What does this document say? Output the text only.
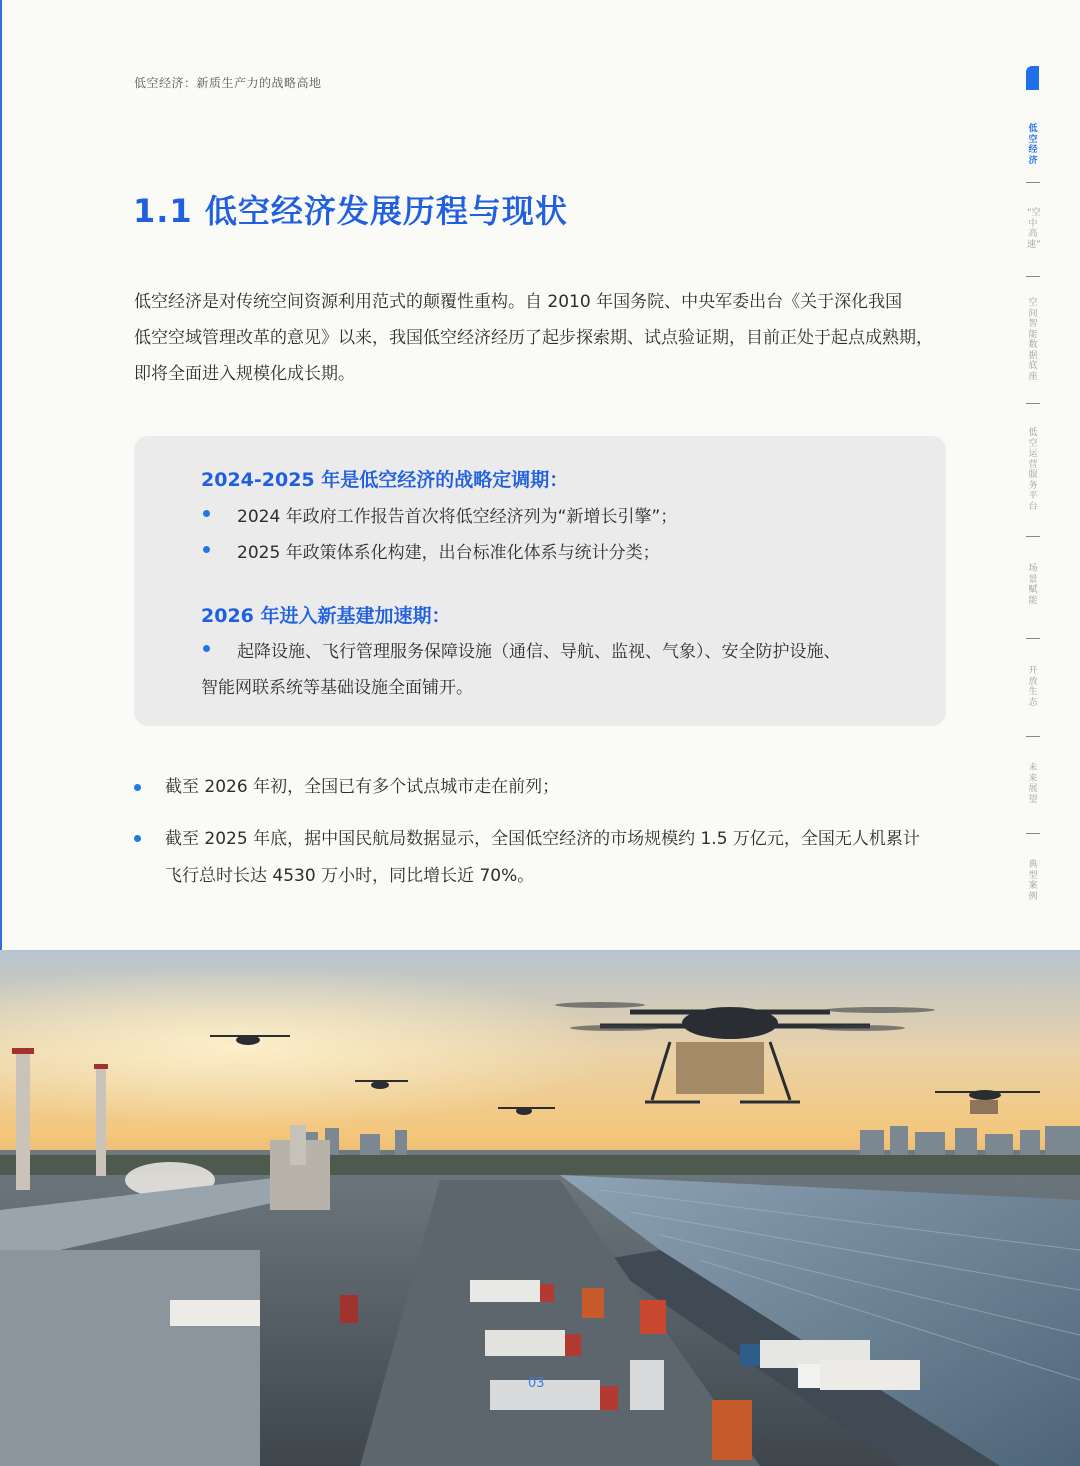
低空经济：新质生产力的战略高地
1.1 低空经济发展历程与现状

低空经济是对传统空间资源利用范式的颠覆性重构。自 2010 年国务院、中央军委出台《关于深化我国

低空空域管理改革的意见》以来，我国低空经济经历了起步探索期、试点验证期，目前正处于起点成熟期，

即将全面进入规模化成长期。

2024-2025 年是低空经济的战略定调期：
2024 年政府工作报告首次将低空经济列为“新增长引擎”；
2025 年政策体系化构建，出台标准化体系与统计分类；
2026 年进入新基建加速期：
起降设施、飞行管理服务保障设施（通信、导航、监视、气象）、安全防护设施、
智能网联系统等基础设施全面铺开。

截至 2026 年初，全国已有多个试点城市走在前列；

截至 2025 年底，据中国民航局数据显示，全国低空经济的市场规模约 1.5 万亿元，全国无人机累计

飞行总时长达 4530 万小时，同比增长近 70%。

低空经济
“空中高速”
空间智能数据底座
低空运营服务平台
场景赋能
开放生态
未来展望
典型案例
03
